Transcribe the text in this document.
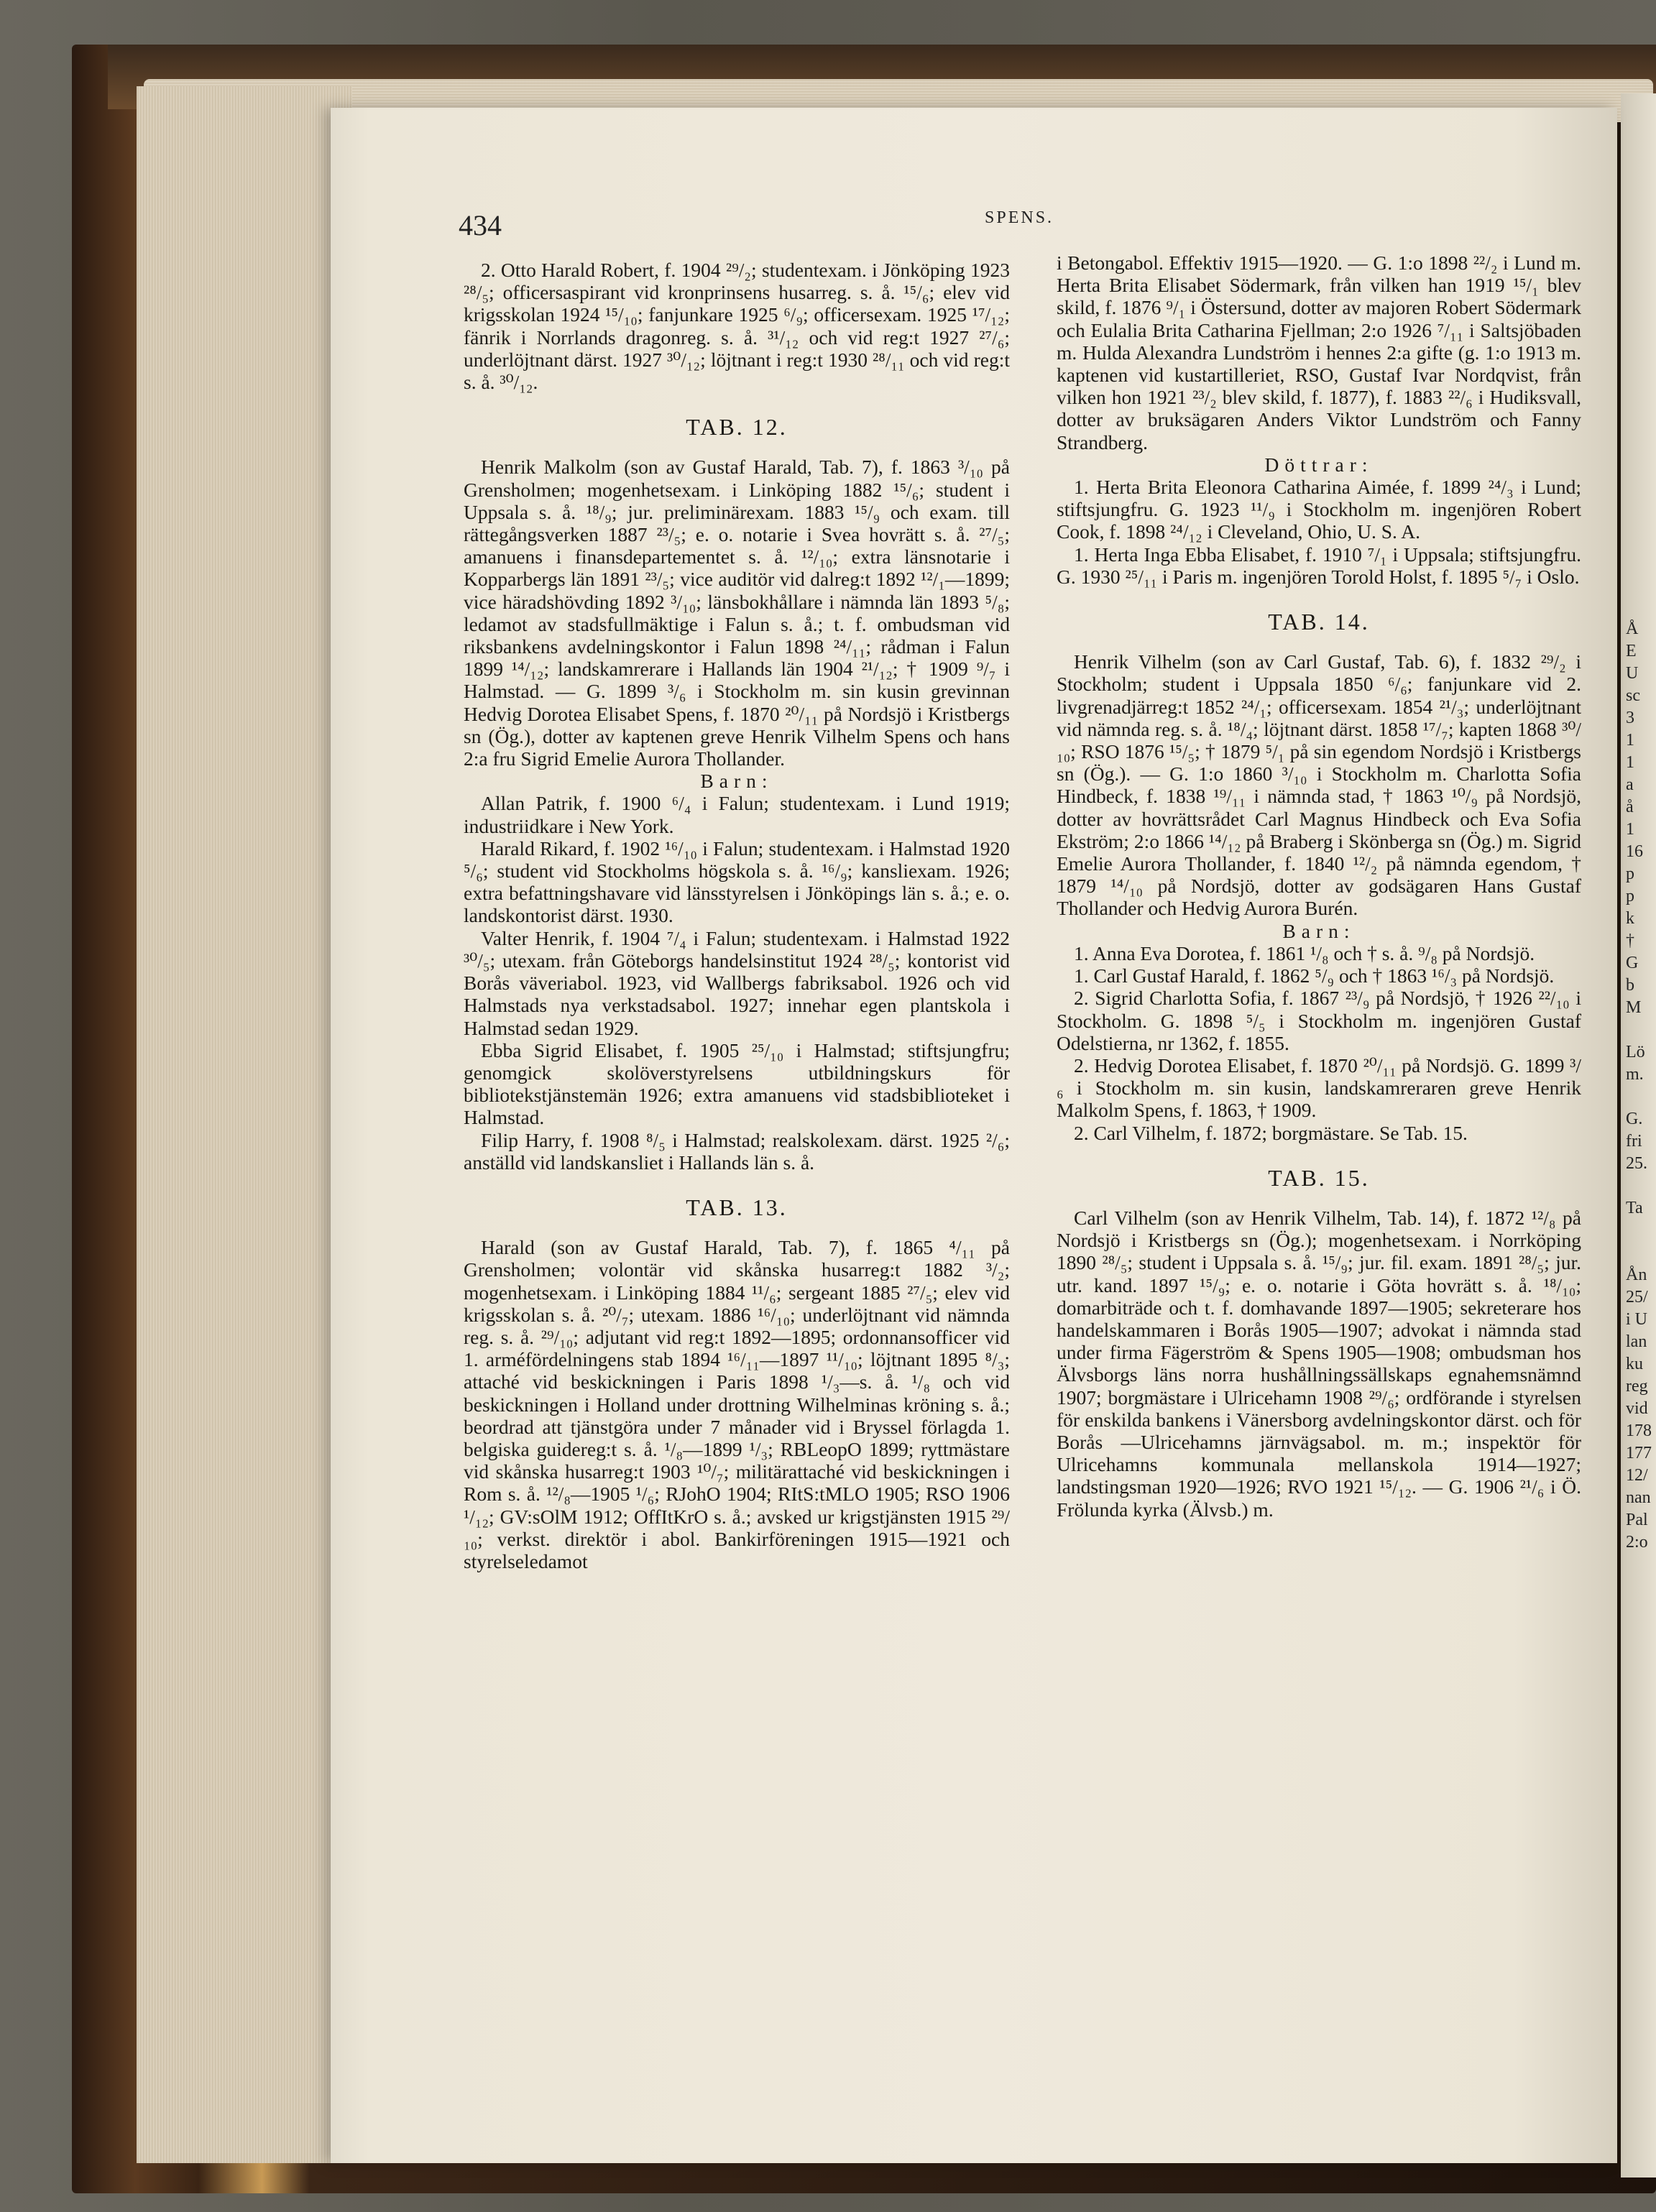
434	SPENS.

2. Otto Harald Robert, f. 1904 ²⁹/₂; studentexam. i Jönköping 1923 ²⁸/₅; officersaspirant vid kronprinsens husarreg. s. å. ¹⁵/₆; elev vid krigsskolan 1924 ¹⁵/₁₀; fanjunkare 1925 ⁶/₉; officersexam. 1925 ¹⁷/₁₂; fänrik i Norrlands dragonreg. s. å. ³¹/₁₂ och vid reg:t 1927 ²⁷/₆; underlöjtnant därst. 1927 ³⁰/₁₂; löjtnant i reg:t 1930 ²⁸/₁₁ och vid reg:t s. å. ³⁰/₁₂.

TAB. 12.

Henrik Malkolm (son av Gustaf Harald, Tab. 7), f. 1863 ³/₁₀ på Grensholmen; mogenhetsexam. i Linköping 1882 ¹⁵/₆; student i Uppsala s. å. ¹⁸/₉; jur. preliminärexam. 1883 ¹⁵/₉ och exam. till rättegångsverken 1887 ²³/₅; e. o. notarie i Svea hovrätt s. å. ²⁷/₅; amanuens i finansdepartementet s. å. ¹²/₁₀; extra länsnotarie i Kopparbergs län 1891 ²³/₅; vice auditör vid dalreg:t 1892 ¹²/₁—1899; vice häradshövding 1892 ³/₁₀; länsbokhållare i nämnda län 1893 ⁵/₈; ledamot av stadsfullmäktige i Falun s. å.; t. f. ombudsman vid riksbankens avdelningskontor i Falun 1898 ²⁴/₁₁; rådman i Falun 1899 ¹⁴/₁₂; landskamrerare i Hallands län 1904 ²¹/₁₂; † 1909 ⁹/₇ i Halmstad. — G. 1899 ³/₆ i Stockholm m. sin kusin grevinnan Hedvig Dorotea Elisabet Spens, f. 1870 ²⁰/₁₁ på Nordsjö i Kristbergs sn (Ög.), dotter av kaptenen greve Henrik Vilhelm Spens och hans 2:a fru Sigrid Emelie Aurora Thollander.

Barn:

Allan Patrik, f. 1900 ⁶/₄ i Falun; studentexam. i Lund 1919; industriidkare i New York.

Harald Rikard, f. 1902 ¹⁶/₁₀ i Falun; studentexam. i Halmstad 1920 ⁵/₆; student vid Stockholms högskola s. å. ¹⁶/₉; kansliexam. 1926; extra befattningshavare vid länsstyrelsen i Jönköpings län s. å.; e. o. landskontorist därst. 1930.

Valter Henrik, f. 1904 ⁷/₄ i Falun; studentexam. i Halmstad 1922 ³⁰/₅; utexam. från Göteborgs handelsinstitut 1924 ²⁸/₅; kontorist vid Borås väveriabol. 1923, vid Wallbergs fabriksabol. 1926 och vid Halmstads nya verkstadsabol. 1927; innehar egen plantskola i Halmstad sedan 1929.

Ebba Sigrid Elisabet, f. 1905 ²⁵/₁₀ i Halmstad; stiftsjungfru; genomgick skolöverstyrelsens utbildningskurs för bibliotekstjänstemän 1926; extra amanuens vid stadsbiblioteket i Halmstad.

Filip Harry, f. 1908 ⁸/₅ i Halmstad; realskolexam. därst. 1925 ²/₆; anställd vid landskansliet i Hallands län s. å.

TAB. 13.

Harald (son av Gustaf Harald, Tab. 7), f. 1865 ⁴/₁₁ på Grensholmen; volontär vid skånska husarreg:t 1882 ³/₂; mogenhetsexam. i Linköping 1884 ¹¹/₆; sergeant 1885 ²⁷/₅; elev vid krigsskolan s. å. ²⁰/₇; utexam. 1886 ¹⁶/₁₀; underlöjtnant vid nämnda reg. s. å. ²⁹/₁₀; adjutant vid reg:t 1892—1895; ordonnansofficer vid 1. arméfördelningens stab 1894 ¹⁶/₁₁—1897 ¹¹/₁₀; löjtnant 1895 ⁸/₃; attaché vid beskickningen i Paris 1898 ¹/₃—s. å. ¹/₈ och vid beskickningen i Holland under drottning Wilhelminas kröning s. å.; beordrad att tjänstgöra under 7 månader vid i Bryssel förlagda 1. belgiska guidereg:t s. å. ¹/₈—1899 ¹/₃; RBLeopO 1899; ryttmästare vid skånska husarreg:t 1903 ¹⁰/₇; militärattaché vid beskickningen i Rom s. å. ¹²/₈—1905 ¹/₆; RJohO 1904; RItS:tMLO 1905; RSO 1906 ¹/₁₂; GV:sOlM 1912; OffItKrO s. å.; avsked ur krigstjänsten 1915 ²⁹/₁₀; verkst. direktör i abol. Bankirföreningen 1915—1921 och styrelseledamot

i Betongabol. Effektiv 1915—1920. — G. 1:o 1898 ²²/₂ i Lund m. Herta Brita Elisabet Södermark, från vilken han 1919 ¹⁵/₁ blev skild, f. 1876 ⁹/₁ i Östersund, dotter av majoren Robert Södermark och Eulalia Brita Catharina Fjellman; 2:o 1926 ⁷/₁₁ i Saltsjöbaden m. Hulda Alexandra Lundström i hennes 2:a gifte (g. 1:o 1913 m. kaptenen vid kustartilleriet, RSO, Gustaf Ivar Nordqvist, från vilken hon 1921 ²³/₂ blev skild, f. 1877), f. 1883 ²²/₆ i Hudiksvall, dotter av bruksägaren Anders Viktor Lundström och Fanny Strandberg.

Döttrar:

1. Herta Brita Eleonora Catharina Aimée, f. 1899 ²⁴/₃ i Lund; stiftsjungfru. G. 1923 ¹¹/₉ i Stockholm m. ingenjören Robert Cook, f. 1898 ²⁴/₁₂ i Cleveland, Ohio, U. S. A.

1. Herta Inga Ebba Elisabet, f. 1910 ⁷/₁ i Uppsala; stiftsjungfru. G. 1930 ²⁵/₁₁ i Paris m. ingenjören Torold Holst, f. 1895 ⁵/₇ i Oslo.

TAB. 14.

Henrik Vilhelm (son av Carl Gustaf, Tab. 6), f. 1832 ²⁹/₂ i Stockholm; student i Uppsala 1850 ⁶/₆; fanjunkare vid 2. livgrenadjärreg:t 1852 ²⁴/₁; officersexam. 1854 ²¹/₃; underlöjtnant vid nämnda reg. s. å. ¹⁸/₄; löjtnant därst. 1858 ¹⁷/₇; kapten 1868 ³⁰/₁₀; RSO 1876 ¹⁵/₅; † 1879 ⁵/₁ på sin egendom Nordsjö i Kristbergs sn (Ög.). — G. 1:o 1860 ³/₁₀ i Stockholm m. Charlotta Sofia Hindbeck, f. 1838 ¹⁹/₁₁ i nämnda stad, † 1863 ¹⁰/₉ på Nordsjö, dotter av hovrättsrådet Carl Magnus Hindbeck och Eva Sofia Ekström; 2:o 1866 ¹⁴/₁₂ på Braberg i Skönberga sn (Ög.) m. Sigrid Emelie Aurora Thollander, f. 1840 ¹²/₂ på nämnda egendom, † 1879 ¹⁴/₁₀ på Nordsjö, dotter av godsägaren Hans Gustaf Thollander och Hedvig Aurora Burén.

Barn:

1. Anna Eva Dorotea, f. 1861 ¹/₈ och † s. å. ⁹/₈ på Nordsjö.

1. Carl Gustaf Harald, f. 1862 ⁵/₉ och † 1863 ¹⁶/₃ på Nordsjö.

2. Sigrid Charlotta Sofia, f. 1867 ²³/₉ på Nordsjö, † 1926 ²²/₁₀ i Stockholm. G. 1898 ⁵/₅ i Stockholm m. ingenjören Gustaf Odelstierna, nr 1362, f. 1855.

2. Hedvig Dorotea Elisabet, f. 1870 ²⁰/₁₁ på Nordsjö. G. 1899 ³/₆ i Stockholm m. sin kusin, landskamreraren greve Henrik Malkolm Spens, f. 1863, † 1909.

2. Carl Vilhelm, f. 1872; borgmästare. Se Tab. 15.

TAB. 15.

Carl Vilhelm (son av Henrik Vilhelm, Tab. 14), f. 1872 ¹²/₈ på Nordsjö i Kristbergs sn (Ög.); mogenhetsexam. i Norrköping 1890 ²⁸/₅; student i Uppsala s. å. ¹⁵/₉; jur. fil. exam. 1891 ²⁸/₅; jur. utr. kand. 1897 ¹⁵/₉; e. o. notarie i Göta hovrätt s. å. ¹⁸/₁₀; domarbiträde och t. f. domhavande 1897—1905; sekreterare hos handelskammaren i Borås 1905—1907; advokat i nämnda stad under firma Fägerström & Spens 1905—1908; ombudsman hos Älvsborgs läns norra hushållningssällskaps egnahemsnämnd 1907; borgmästare i Ulricehamn 1908 ²⁹/₆; ordförande i styrelsen för enskilda bankens i Vänersborg avdelningskontor därst. och för Borås —Ulricehamns järnvägsabol. m. m.; inspektör för Ulricehamns kommunala mellanskola 1914—1927; landstingsman 1920—1926; RVO 1921 ¹⁵/₁₂. — G. 1906 ²¹/₆ i Ö. Frölunda kyrka (Älvsb.) m.

Å
E
U
sc
3
1
1
a
å
1
16
p
p
k
†
G
b
M
Lö
m.
G.
fri
25.
Ta
Ån
25/
i U
lan
ku
reg
vid
178
177
12/
nan
Pal
2:o
